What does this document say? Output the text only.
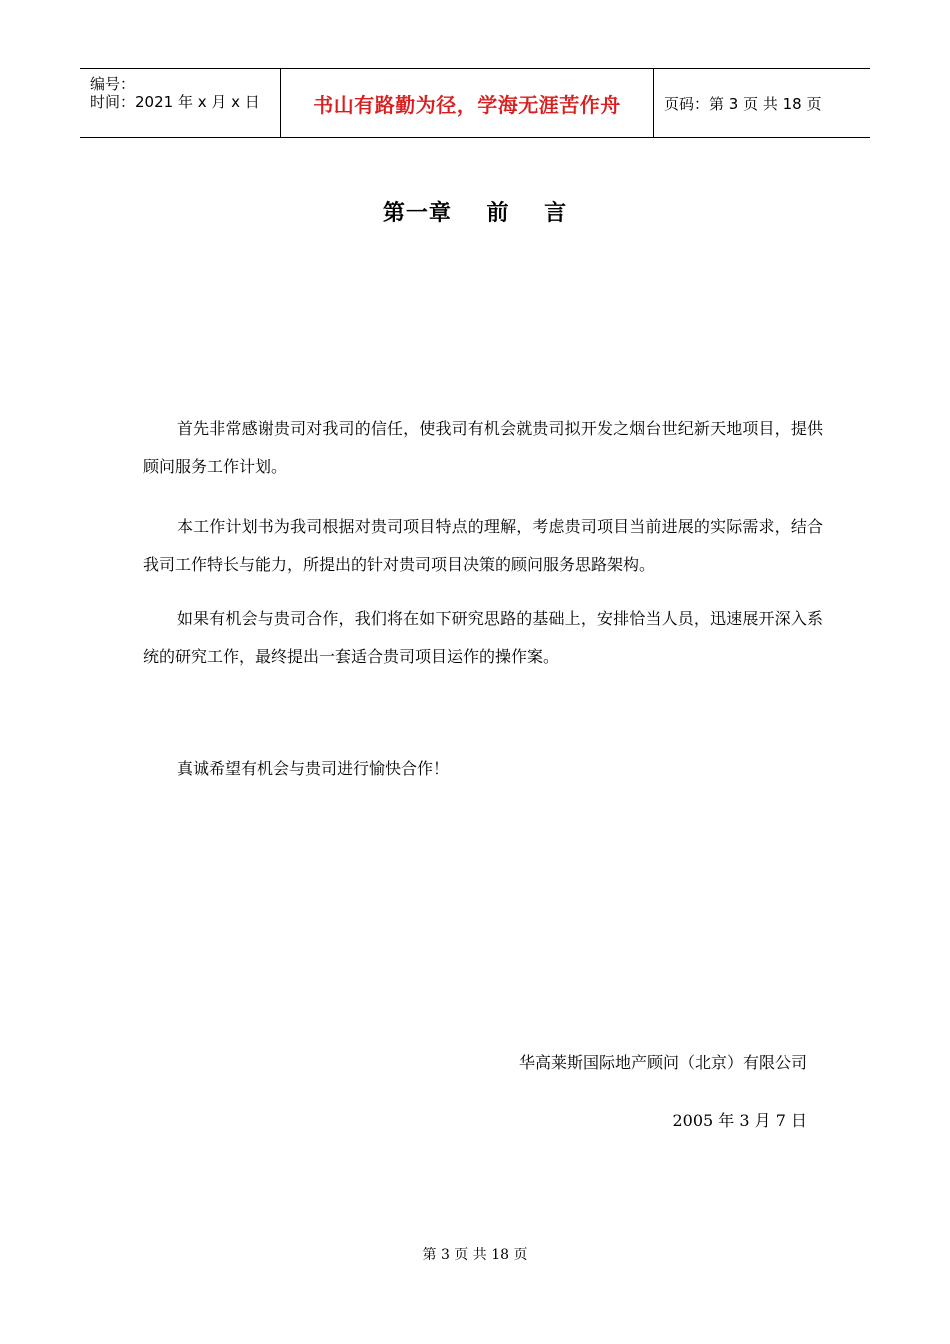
编号：
时间：2021 年 x 月 x 日	书山有路勤为径，学海无涯苦作舟	页码：第 3 页 共 18 页
第一章    前    言

首先非常感谢贵司对我司的信任，使我司有机会就贵司拟开发之烟台世纪新天地项目，提供顾问服务工作计划。

本工作计划书为我司根据对贵司项目特点的理解，考虑贵司项目当前进展的实际需求，结合我司工作特长与能力，所提出的针对贵司项目决策的顾问服务思路架构。

如果有机会与贵司合作，我们将在如下研究思路的基础上，安排恰当人员，迅速展开深入系统的研究工作，最终提出一套适合贵司项目运作的操作案。

真诚希望有机会与贵司进行愉快合作！

华高莱斯国际地产顾问（北京）有限公司
2005 年 3 月 7 日
第 3 页 共 18 页
